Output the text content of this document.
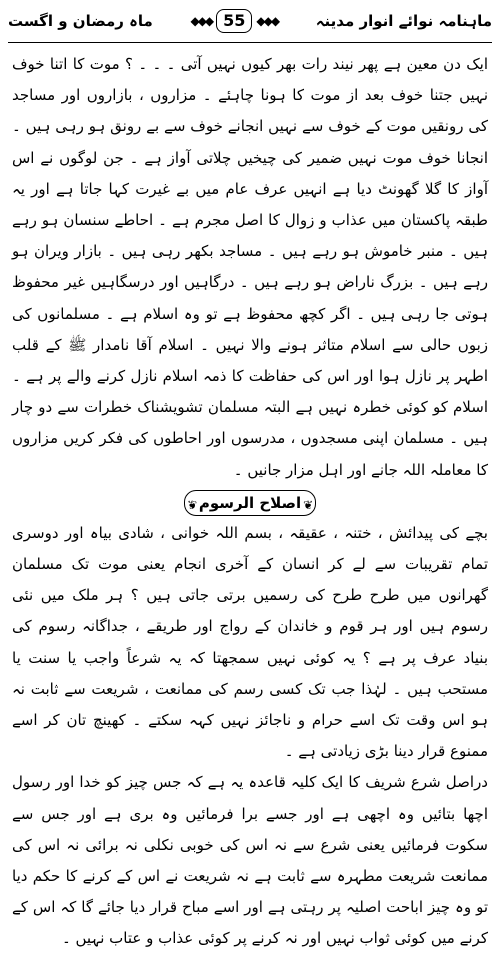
ماہنامہ نوائے انوار مدینہ
◆◆◆ 55 ◆◆◆
ماہ رمضان و اگست

ایک دن معین ہے پھر نیند رات بھر کیوں نہیں آتی ۔ ۔ ۔ ؟ موت کا اتنا خوف نہیں جتنا خوف بعد از موت کا ہونا چاہئے ۔ مزاروں ، بازاروں اور مساجد کی رونقیں موت کے خوف سے نہیں انجانے خوف سے بے رونق ہو رہی ہیں ۔ انجانا خوف موت نہیں ضمیر کی چیخیں چلاتی آواز ہے ۔ جن لوگوں نے اس آواز کا گلا گھونٹ دیا ہے انہیں عرف عام میں بے غیرت کہا جاتا ہے اور یہ طبقہ پاکستان میں عذاب و زوال کا اصل مجرم ہے ۔ احاطے سنسان ہو رہے ہیں ۔ منبر خاموش ہو رہے ہیں ۔ مساجد بکھر رہی ہیں ۔ بازار ویران ہو رہے ہیں ۔ بزرگ ناراض ہو رہے ہیں ۔ درگاہیں اور درسگاہیں غیر محفوظ ہوتی جا رہی ہیں ۔ اگر کچھ محفوظ ہے تو وہ اسلام ہے ۔ مسلمانوں کی زبوں حالی سے اسلام متاثر ہونے والا نہیں ۔ اسلام آقا نامدار ﷺ کے قلب اطہر پر نازل ہوا اور اس کی حفاظت کا ذمہ اسلام نازل کرنے والے پر ہے ۔ اسلام کو کوئی خطرہ نہیں ہے البتہ مسلمان تشویشناک خطرات سے دو چار ہیں ۔ مسلمان اپنی مسجدوں ، مدرسوں اور احاطوں کی فکر کریں مزاروں کا معاملہ اللہ جانے اور اہل مزار جانیں ۔

❦ اصلاح الرسوم ❦

بچے کی پیدائش ، ختنہ ، عقیقہ ، بسم اللہ خوانی ، شادی بیاہ اور دوسری تمام تقریبات سے لے کر انسان کے آخری انجام یعنی موت تک مسلمان گھرانوں میں طرح طرح کی رسمیں برتی جاتی ہیں ؟ ہر ملک میں نئی رسوم ہیں اور ہر قوم و خاندان کے رواج اور طریقے ، جداگانہ رسوم کی بنیاد عرف پر ہے ؟ یہ کوئی نہیں سمجھتا کہ یہ شرعاً واجب یا سنت یا مستحب ہیں ۔ لہٰذا جب تک کسی رسم کی ممانعت ، شریعت سے ثابت نہ ہو اس وقت تک اسے حرام و ناجائز نہیں کہہ سکتے ۔ کھینچ تان کر اسے ممنوع قرار دینا بڑی زیادتی ہے ۔

دراصل شرع شریف کا ایک کلیہ قاعدہ یہ ہے کہ جس چیز کو خدا اور رسول اچھا بتائیں وہ اچھی ہے اور جسے برا فرمائیں وہ بری ہے اور جس سے سکوت فرمائیں یعنی شرع سے نہ اس کی خوبی نکلی نہ برائی نہ اس کی ممانعت شریعت مطہرہ سے ثابت ہے نہ شریعت نے اس کے کرنے کا حکم دیا تو وہ چیز اباحت اصلیہ پر رہتی ہے اور اسے مباح قرار دیا جائے گا کہ اس کے کرنے میں کوئی ثواب نہیں اور نہ کرنے پر کوئی عذاب و عتاب نہیں ۔
